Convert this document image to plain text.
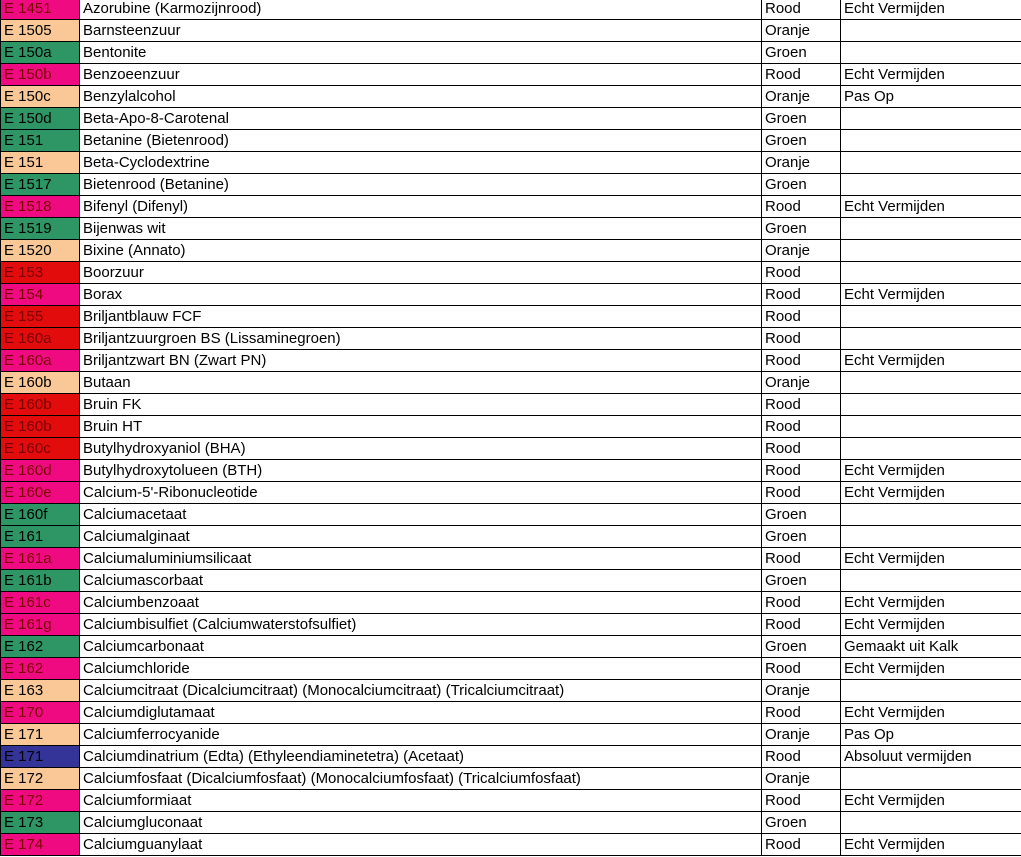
E 1451	Azorubine (Karmozijnrood)	Rood	Echt Vermijden
E 1505	Barnsteenzuur	Oranje	
E 150a	Bentonite	Groen	
E 150b	Benzoeenzuur	Rood	Echt Vermijden
E 150c	Benzylalcohol	Oranje	Pas Op
E 150d	Beta-Apo-8-Carotenal	Groen	
E 151	Betanine (Bietenrood)	Groen	
E 151	Beta-Cyclodextrine	Oranje	
E 1517	Bietenrood (Betanine)	Groen	
E 1518	Bifenyl (Difenyl)	Rood	Echt Vermijden
E 1519	Bijenwas wit	Groen	
E 1520	Bixine (Annato)	Oranje	
E 153	Boorzuur	Rood	
E 154	Borax	Rood	Echt Vermijden
E 155	Briljantblauw FCF	Rood	
E 160a	Briljantzuurgroen BS (Lissaminegroen)	Rood	
E 160a	Briljantzwart BN (Zwart PN)	Rood	Echt Vermijden
E 160b	Butaan	Oranje	
E 160b	Bruin FK	Rood	
E 160b	Bruin HT	Rood	
E 160c	Butylhydroxyaniol (BHA)	Rood	
E 160d	Butylhydroxytolueen (BTH)	Rood	Echt Vermijden
E 160e	Calcium-5'-Ribonucleotide	Rood	Echt Vermijden
E 160f	Calciumacetaat	Groen	
E 161	Calciumalginaat	Groen	
E 161a	Calciumaluminiumsilicaat	Rood	Echt Vermijden
E 161b	Calciumascorbaat	Groen	
E 161c	Calciumbenzoaat	Rood	Echt Vermijden
E 161g	Calciumbisulfiet (Calciumwaterstofsulfiet)	Rood	Echt Vermijden
E 162	Calciumcarbonaat	Groen	Gemaakt uit Kalk
E 162	Calciumchloride	Rood	Echt Vermijden
E 163	Calciumcitraat (Dicalciumcitraat) (Monocalciumcitraat) (Tricalciumcitraat)	Oranje	
E 170	Calciumdiglutamaat	Rood	Echt Vermijden
E 171	Calciumferrocyanide	Oranje	Pas Op
E 171	Calciumdinatrium (Edta) (Ethyleendiaminetetra) (Acetaat)	Rood	Absoluut vermijden
E 172	Calciumfosfaat (Dicalciumfosfaat) (Monocalciumfosfaat) (Tricalciumfosfaat)	Oranje	
E 172	Calciumformiaat	Rood	Echt Vermijden
E 173	Calciumgluconaat	Groen	
E 174	Calciumguanylaat	Rood	Echt Vermijden
